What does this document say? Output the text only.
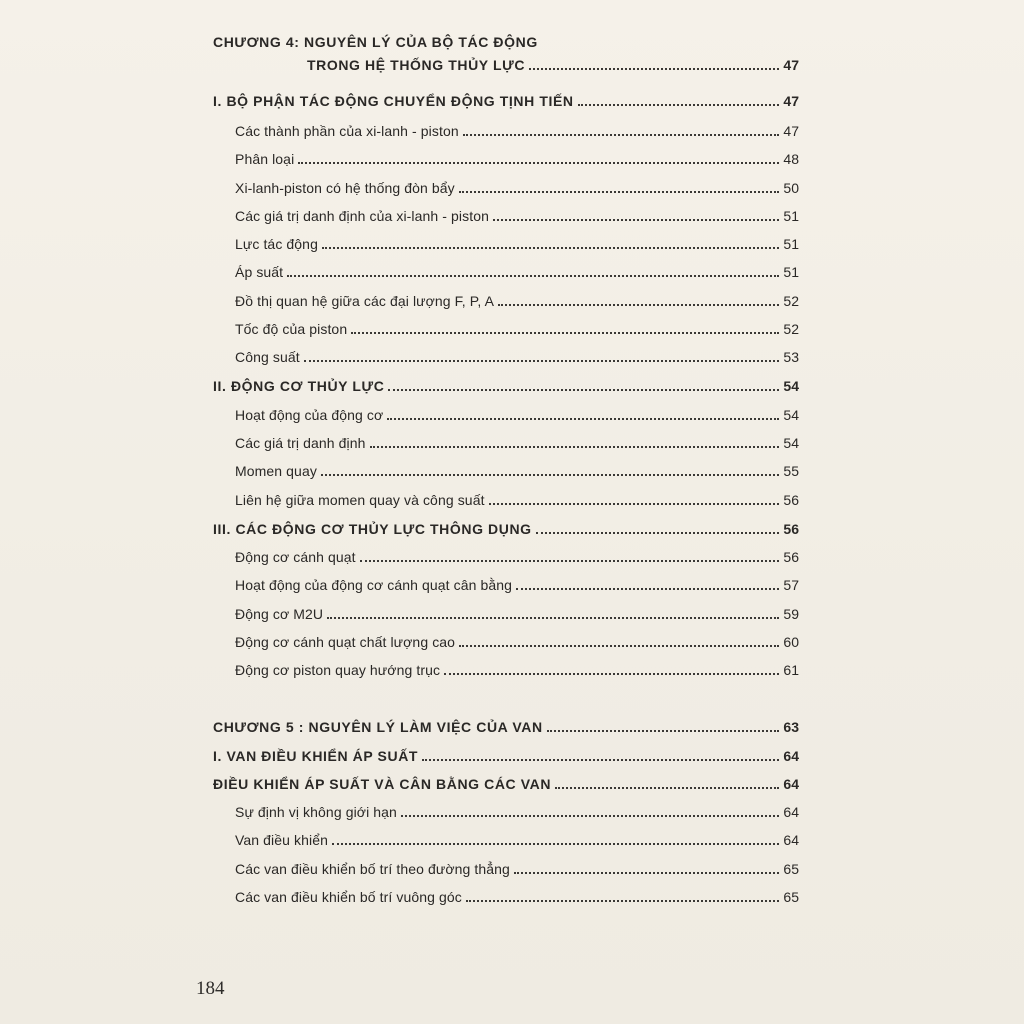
CHƯƠNG 4: NGUYÊN LÝ CỦA BỘ TÁC ĐỘNG
TRONG HỆ THỐNG THỦY LỰC	47
I. BỘ PHẬN TÁC ĐỘNG CHUYỂN ĐỘNG TỊNH TIẾN	47
Các thành phần của xi-lanh - piston	47
Phân loại	48
Xi-lanh-piston có hệ thống đòn bẩy	50
Các giá trị danh định của xi-lanh - piston	51
Lực tác động	51
Áp suất	51
Đồ thị quan hệ giữa các đại lượng F, P, A	52
Tốc độ của piston	52
Công suất	53
II. ĐỘNG CƠ THỦY LỰC	54
Hoạt động của động cơ	54
Các giá trị danh định	54
Momen quay	55
Liên hệ giữa momen quay và công suất	56
III. CÁC ĐỘNG CƠ THỦY LỰC THÔNG DỤNG	56
Động cơ cánh quạt	56
Hoạt động của động cơ cánh quạt cân bằng	57
Động cơ M2U	59
Động cơ cánh quạt chất lượng cao	60
Động cơ piston quay hướng trục	61
CHƯƠNG 5 : NGUYÊN LÝ LÀM VIỆC CỦA VAN	63
I. VAN ĐIỀU KHIỂN ÁP SUẤT	64
ĐIỀU KHIỂN ÁP SUẤT VÀ CÂN BẰNG CÁC VAN	64
Sự định vị không giới hạn	64
Van điều khiển	64
Các van điều khiển bố trí theo đường thẳng	65
Các van điều khiển bố trí vuông góc	65
184
